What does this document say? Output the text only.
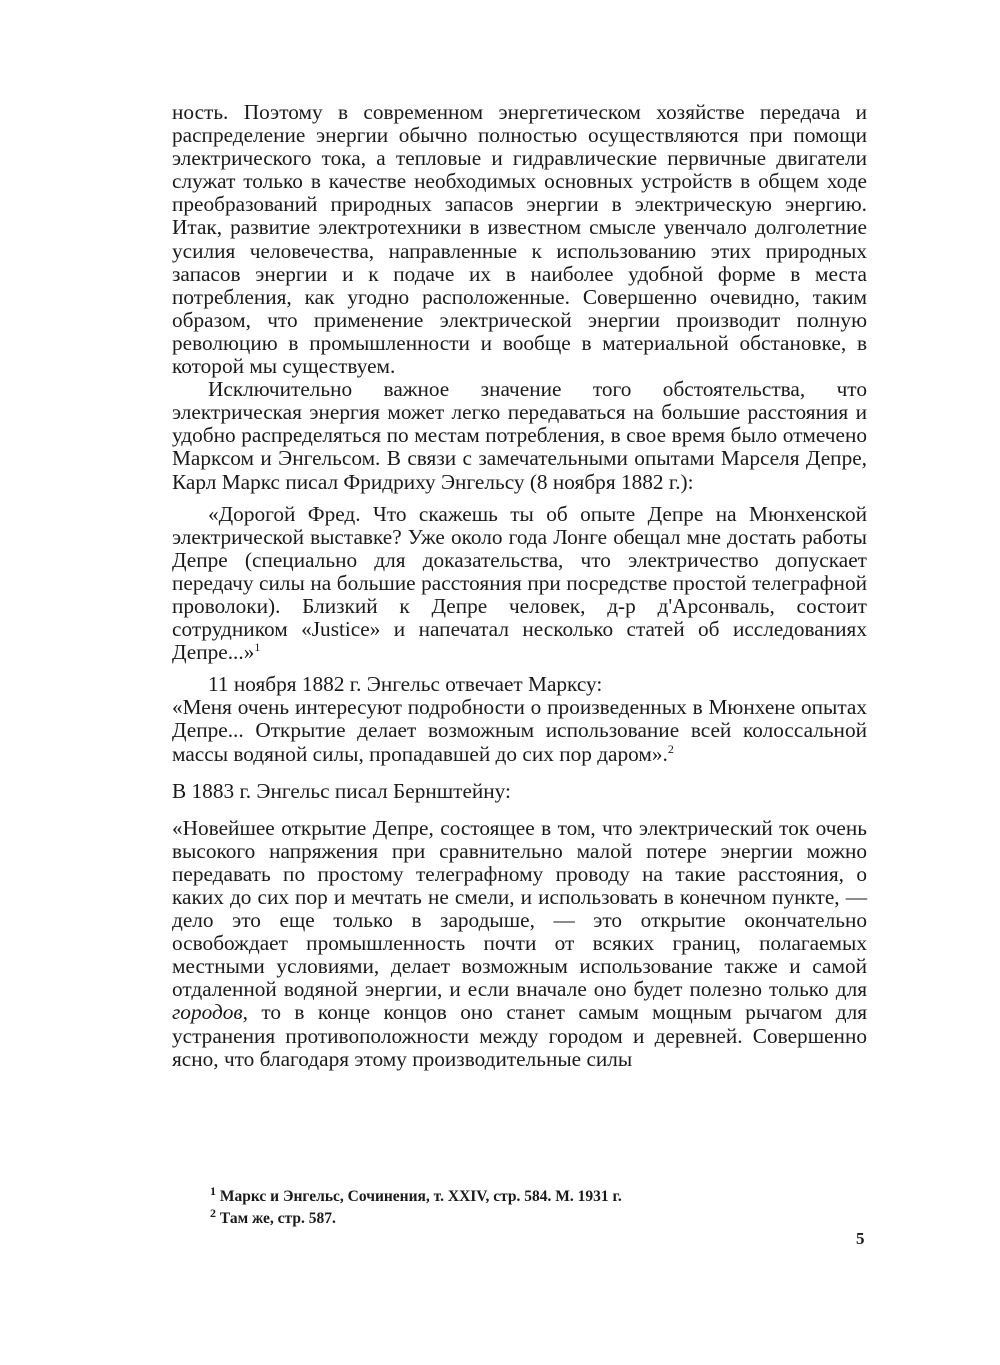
ность. Поэтому в современном энергетическом хозяйстве передача и распределение энергии обычно полностью осуществляются при помощи электрического тока, а тепловые и гидравлические первичные двигатели служат только в качестве необходимых основных устройств в общем ходе преобразований природных запасов энергии в электрическую энергию. Итак, развитие электротехники в известном смысле увенчало долголетние усилия человечества, направленные к использованию этих природных запасов энергии и к подаче их в наиболее удобной форме в места потребления, как угодно расположенные. Совершенно очевидно, таким образом, что применение электрической энергии производит полную революцию в промышленности и вообще в материальной обстановке, в которой мы существуем.

Исключительно важное значение того обстоятельства, что электрическая энергия может легко передаваться на большие расстояния и удобно распределяться по местам потребления, в свое время было отмечено Марксом и Энгельсом. В связи с замечательными опытами Марселя Депре, Карл Маркс писал Фридриху Энгельсу (8 ноября 1882 г.):

«Дорогой Фред. Что скажешь ты об опыте Депре на Мюнхенской электрической выставке? Уже около года Лонге обещал мне достать работы Депре (специально для доказательства, что электричество допускает передачу силы на большие расстояния при посредстве простой телеграфной проволоки). Близкий к Депре человек, д-р д'Арсонваль, состоит сотрудником «Justice» и напечатал несколько статей об исследованиях Депре...»$^1$

11 ноября 1882 г. Энгельс отвечает Марксу:

«Меня очень интересуют подробности о произведенных в Мюнхене опытах Депре... Открытие делает возможным использование всей колоссальной массы водяной силы, пропадавшей до сих пор даром».$^2$

В 1883 г. Энгельс писал Бернштейну:

«Новейшее открытие Депре, состоящее в том, что электрический ток очень высокого напряжения при сравнительно малой потере энергии можно передавать по простому телеграфному проводу на такие расстояния, о каких до сих пор и мечтать не смели, и использовать в конечном пункте, — дело это еще только в зародыше, — это открытие окончательно освобождает промышленность почти от всяких границ, полагаемых местными условиями, делает возможным использование также и самой отдаленной водяной энергии, и если вначале оно будет полезно только для городов, то в конце концов оно станет самым мощным рычагом для устранения противоположности между городом и деревней. Совершенно ясно, что благодаря этому производительные силы

$^1$ Маркс и Энгельс, Сочинения, т. XXIV, стр. 584. М. 1931 г.

$^2$ Там же, стр. 587.

5
